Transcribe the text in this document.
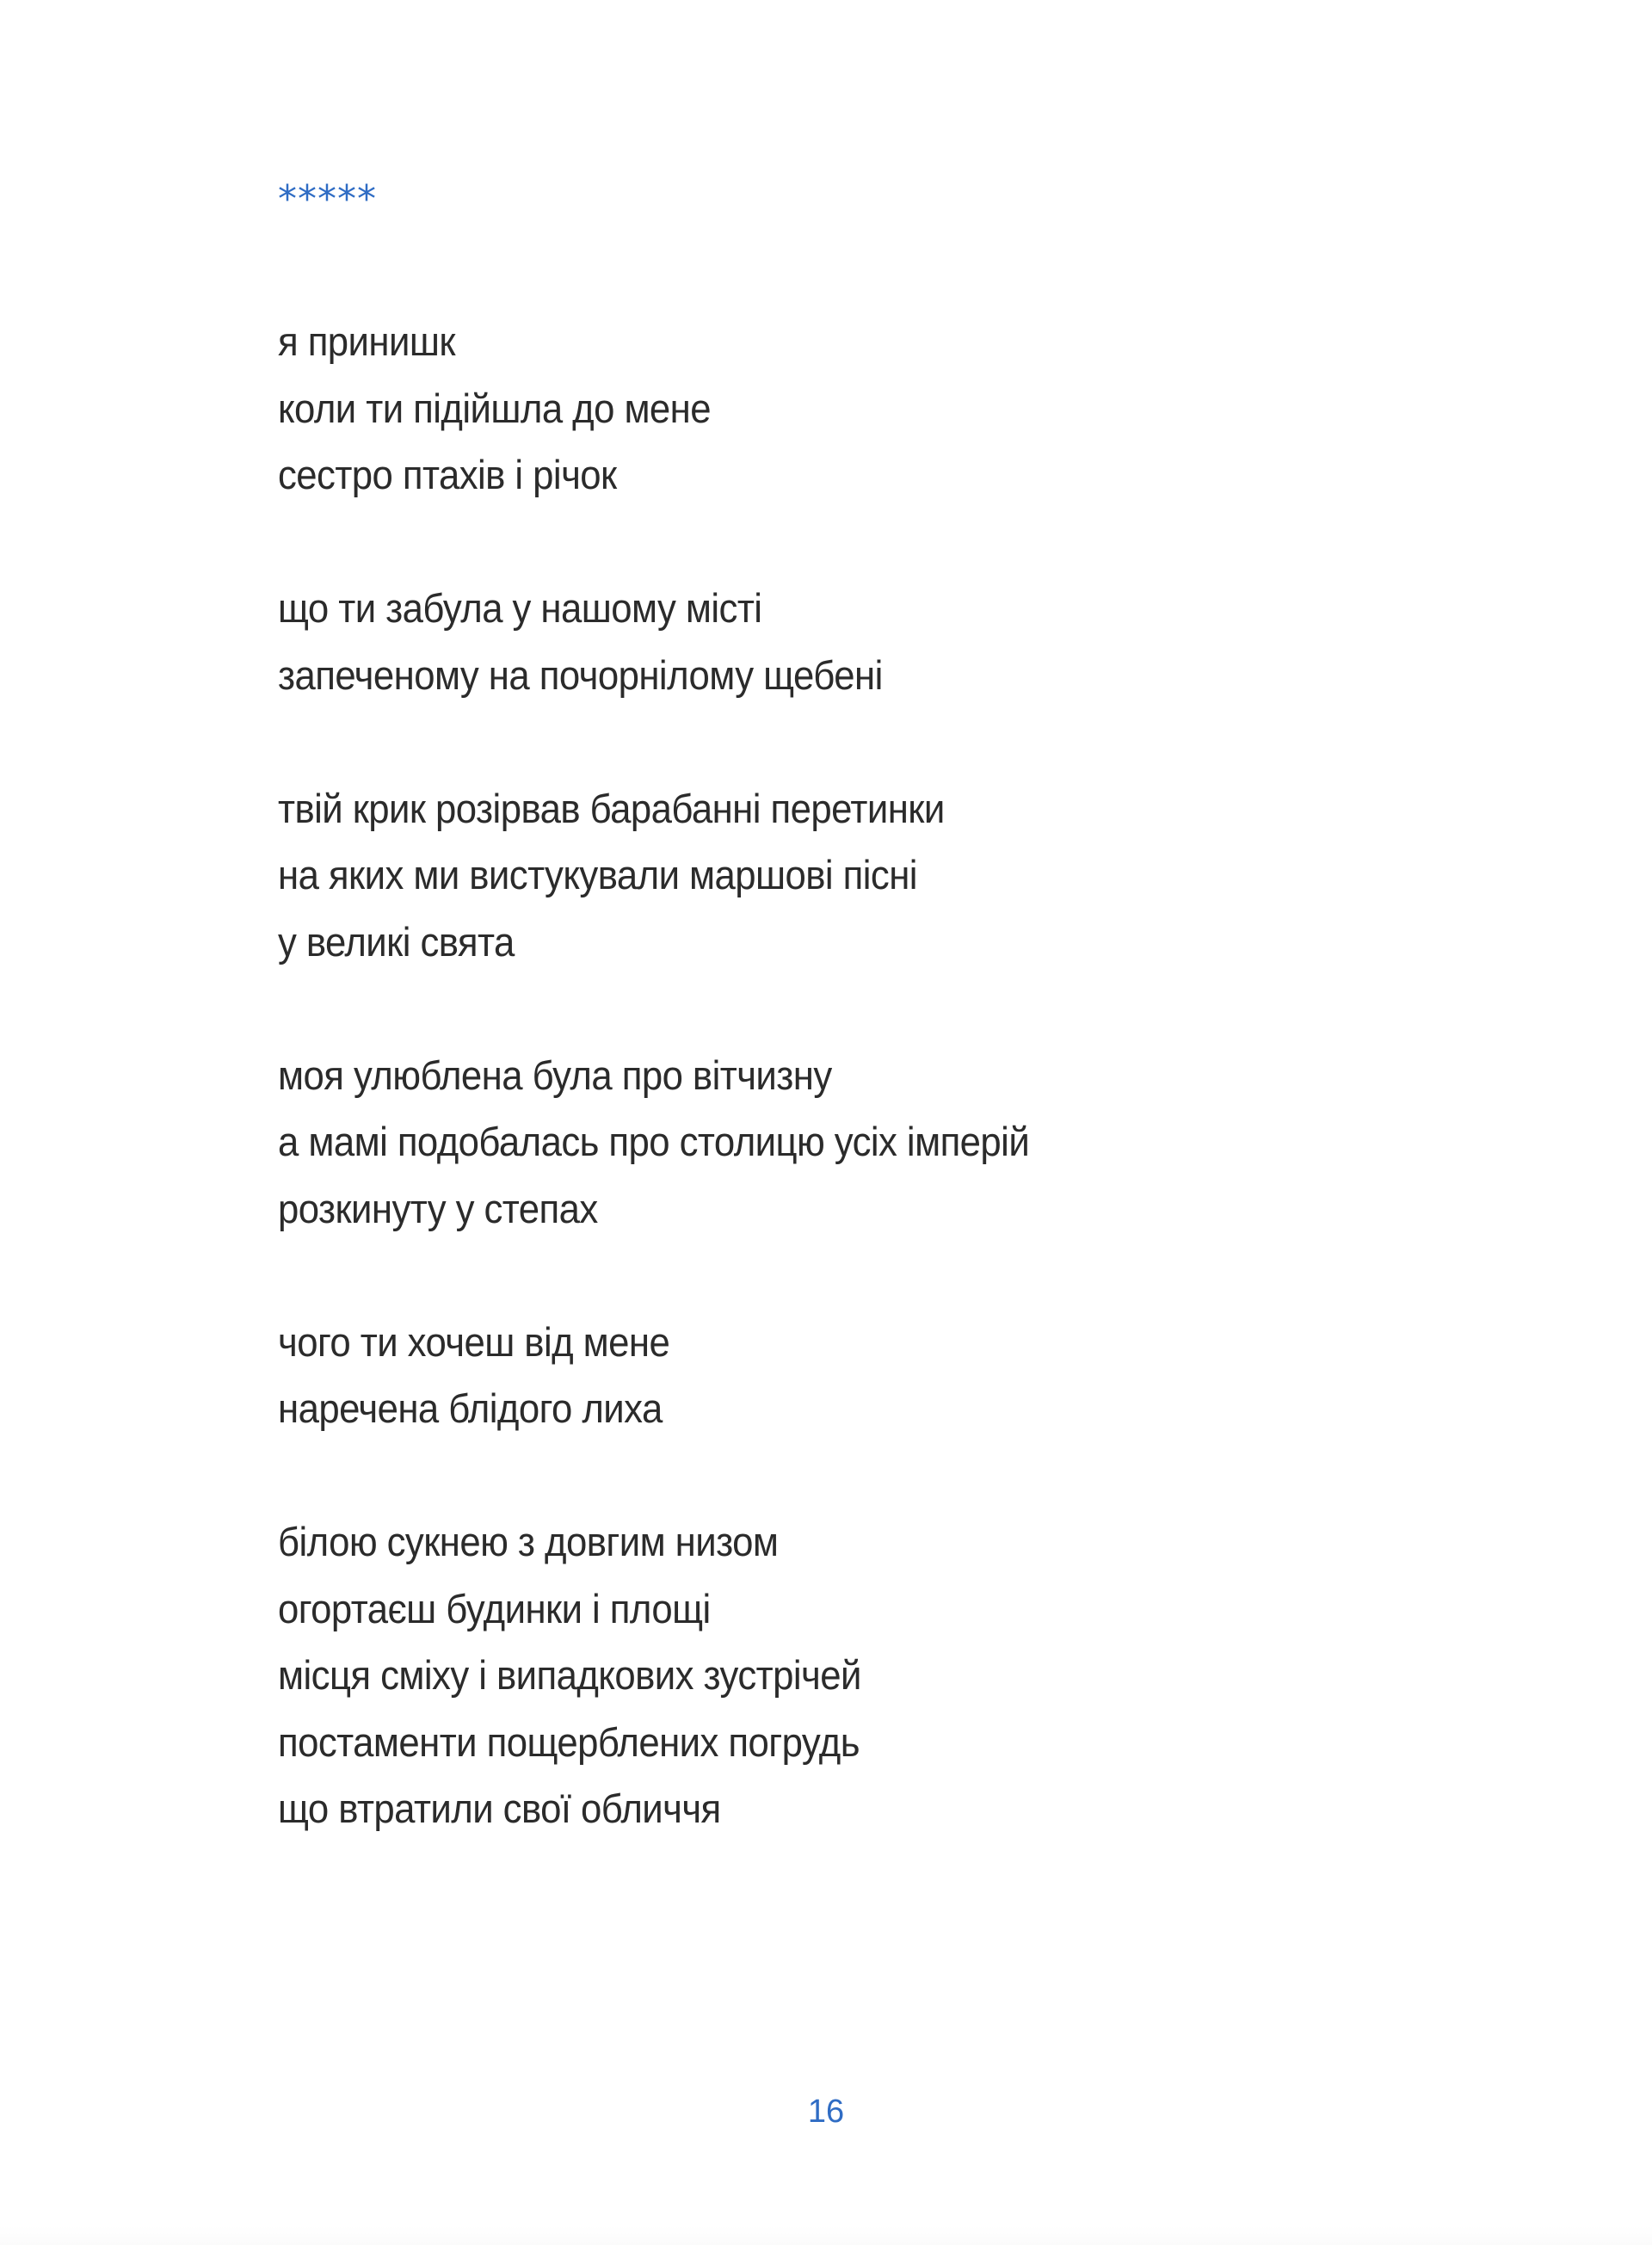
*****
я принишк
коли ти підійшла до мене
сестро птахів і річок
що ти забула у нашому місті
запеченому на почорнілому щебені
твій крик розірвав барабанні перетинки
на яких ми вистукували маршові пісні
у великі свята
моя улюблена була про вітчизну
а мамі подобалась про столицю усіх імперій
розкинуту у степах
чого ти хочеш від мене
наречена блідого лиха
білою сукнею з довгим низом
огортаєш будинки і площі
місця сміху і випадкових зустрічей
постаменти пощерблених погрудь
що втратили свої обличчя
16
